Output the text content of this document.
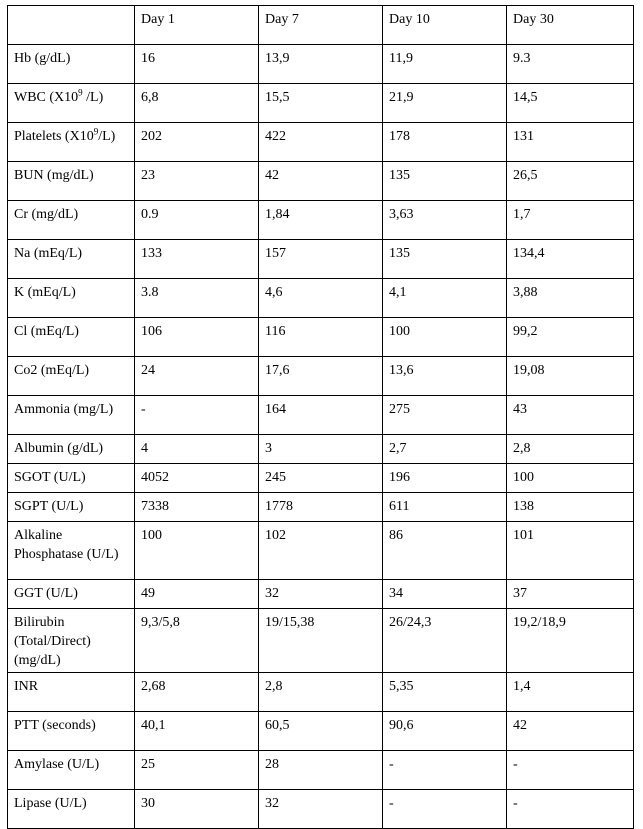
	Day 1	Day 7	Day 10	Day 30
Hb (g/dL)	16	13,9	11,9	9.3
WBC ($X10^9$ /L)	6,8	15,5	21,9	14,5
Platelets $(X10^9/L)$	202	422	178	131
BUN (mg/dL)	23	42	135	26,5
Cr (mg/dL)	0.9	1,84	3,63	1,7
Na (mEq/L)	133	157	135	134,4
K (mEq/L)	3.8	4,6	4,1	3,88
Cl (mEq/L)	106	116	100	99,2
Co2 (mEq/L)	24	17,6	13,6	19,08
Ammonia (mg/L)	-	164	275	43
Albumin (g/dL)	4	3	2,7	2,8
SGOT (U/L)	4052	245	196	100
SGPT (U/L)	7338	1778	611	138
Alkaline Phosphatase (U/L)	100	102	86	101
GGT (U/L)	49	32	34	37
Bilirubin (Total/Direct) (mg/dL)	9,3/5,8	19/15,38	26/24,3	19,2/18,9
INR	2,68	2,8	5,35	1,4
PTT (seconds)	40,1	60,5	90,6	42
Amylase (U/L)	25	28	-	-
Lipase (U/L)	30	32	-	-
